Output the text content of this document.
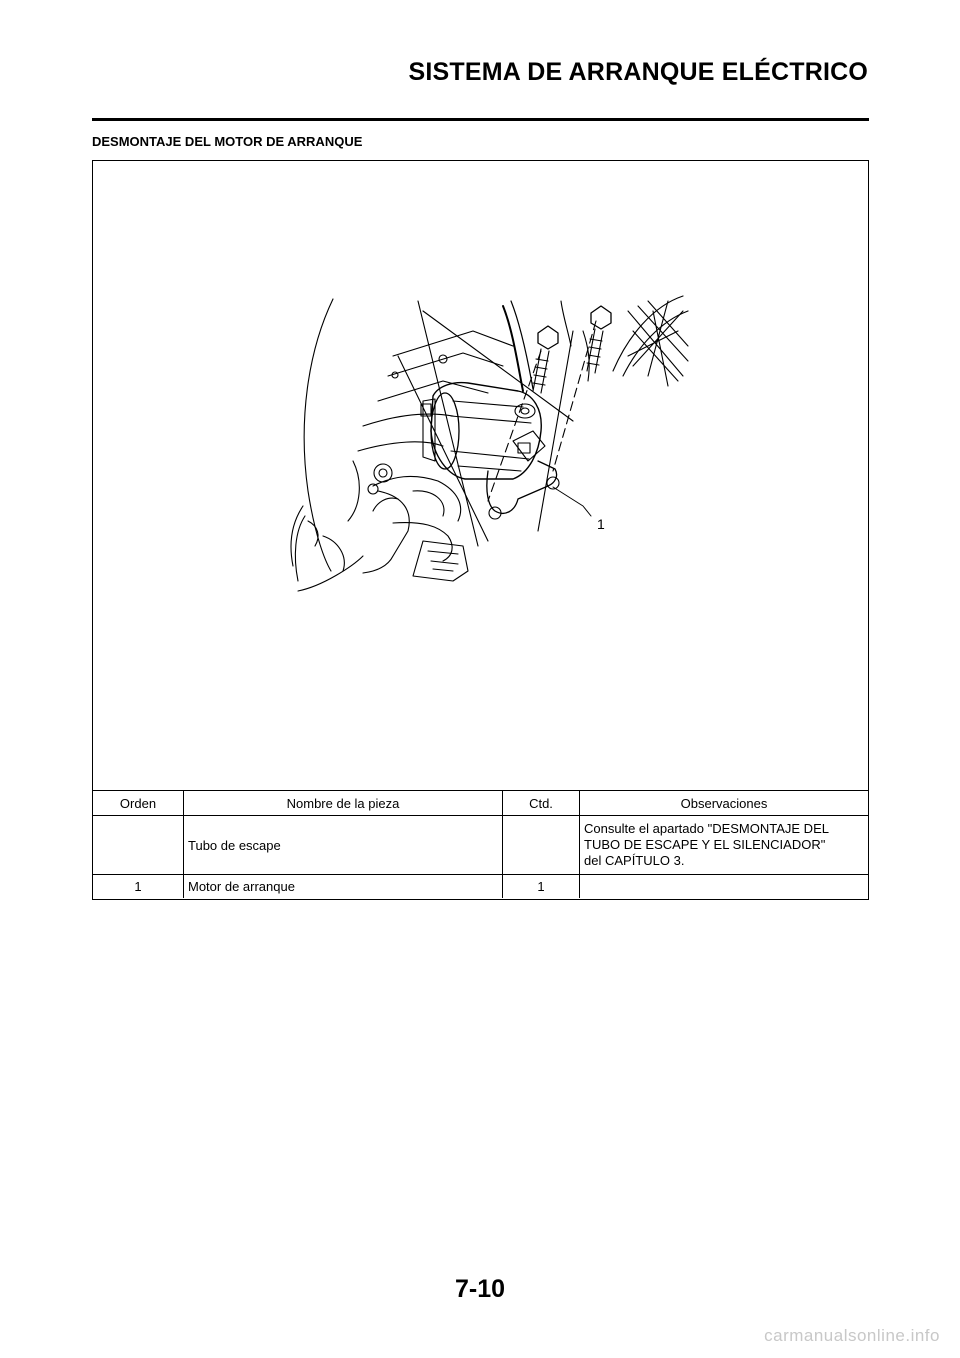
SISTEMA DE ARRANQUE ELÉCTRICO
DESMONTAJE DEL MOTOR DE ARRANQUE
1
Orden	Nombre de la pieza	Ctd.	Observaciones
	Tubo de escape		Consulte el apartado "DESMONTAJE DEL
TUBO DE ESCAPE Y EL SILENCIADOR"
del CAPÍTULO 3.

1	Motor de arranque	1	
7-10
carmanualsonline.info
